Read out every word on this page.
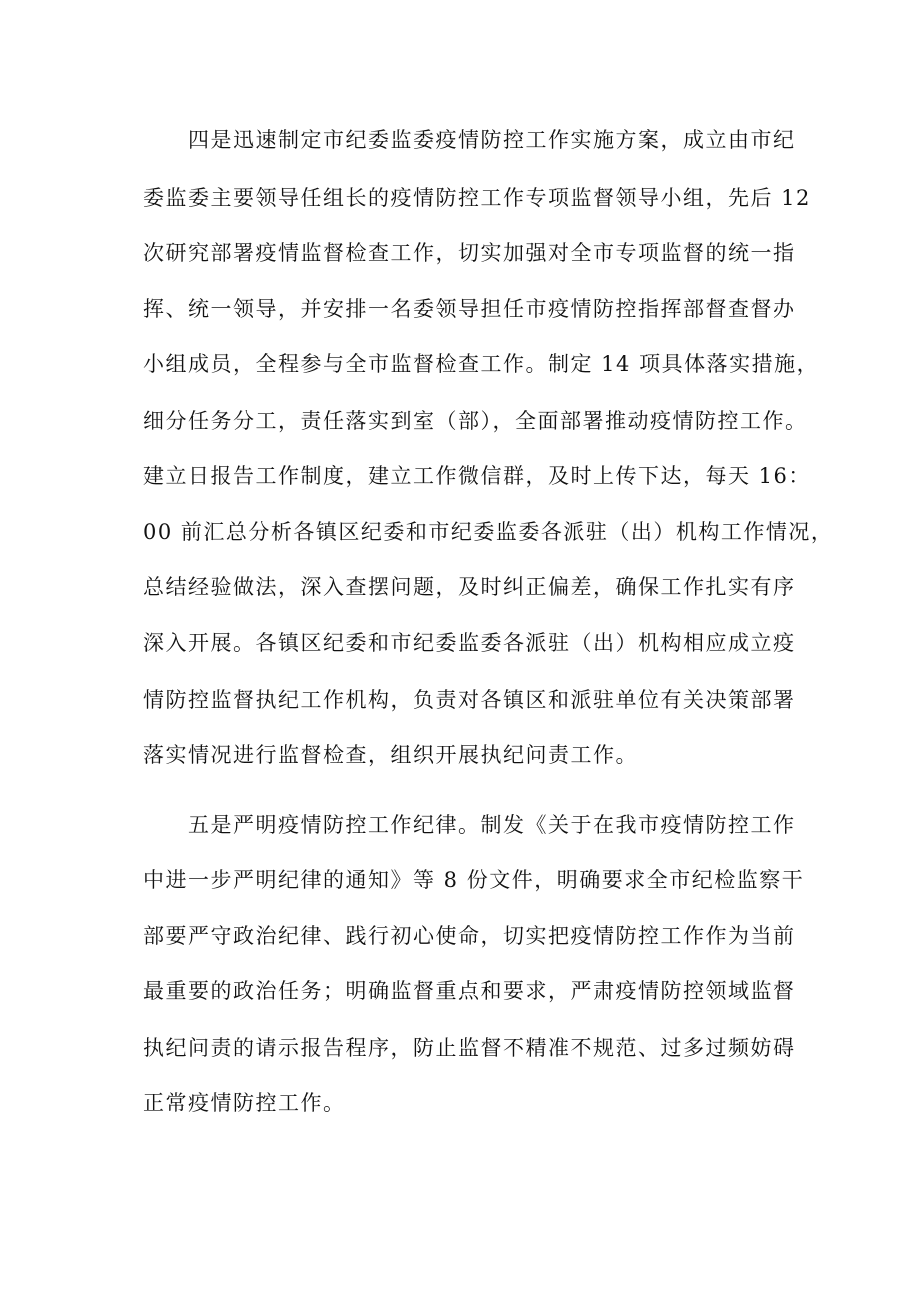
四是迅速制定市纪委监委疫情防控工作实施方案，成立由市纪
委监委主要领导任组长的疫情防控工作专项监督领导小组，先后 12
次研究部署疫情监督检查工作，切实加强对全市专项监督的统一指
挥、统一领导，并安排一名委领导担任市疫情防控指挥部督查督办
小组成员，全程参与全市监督检查工作。制定 14 项具体落实措施，
细分任务分工，责任落实到室（部），全面部署推动疫情防控工作。
建立日报告工作制度，建立工作微信群，及时上传下达，每天 16：
00 前汇总分析各镇区纪委和市纪委监委各派驻（出）机构工作情况，
总结经验做法，深入查摆问题，及时纠正偏差，确保工作扎实有序
深入开展。各镇区纪委和市纪委监委各派驻（出）机构相应成立疫
情防控监督执纪工作机构，负责对各镇区和派驻单位有关决策部署
落实情况进行监督检查，组织开展执纪问责工作。
五是严明疫情防控工作纪律。制发《关于在我市疫情防控工作
中进一步严明纪律的通知》等 8 份文件，明确要求全市纪检监察干
部要严守政治纪律、践行初心使命，切实把疫情防控工作作为当前
最重要的政治任务；明确监督重点和要求，严肃疫情防控领域监督
执纪问责的请示报告程序，防止监督不精准不规范、过多过频妨碍
正常疫情防控工作。
